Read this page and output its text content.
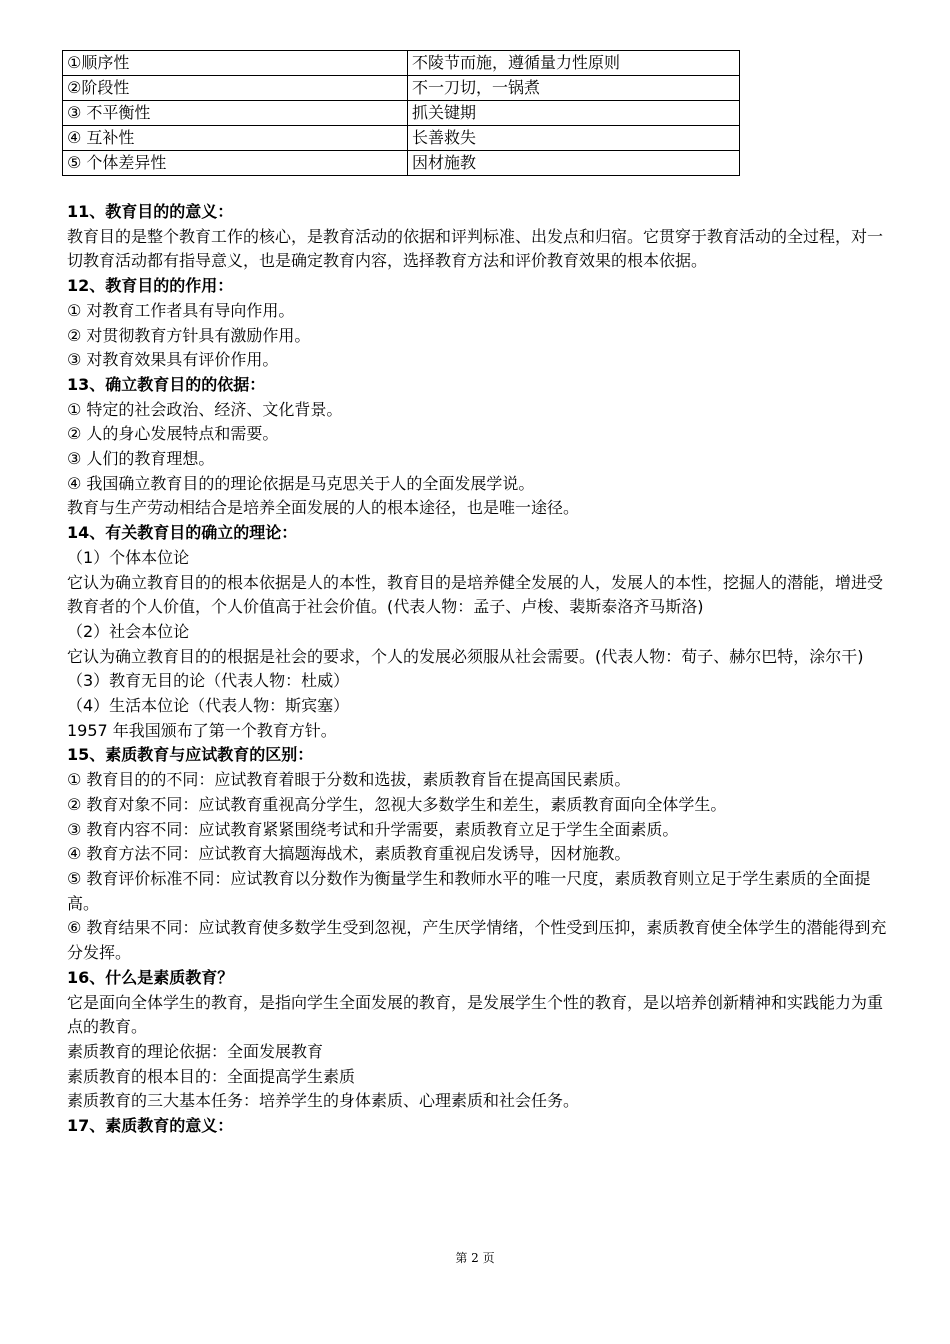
①顺序性	不陵节而施，遵循量力性原则
②阶段性	不一刀切，一锅煮
③ 不平衡性	抓关键期
④ 互补性	长善救失
⑤ 个体差异性	因材施教

11、教育目的的意义：

教育目的是整个教育工作的核心，是教育活动的依据和评判标准、出发点和归宿。它贯穿于教育活动的全过程，对一切教育活动都有指导意义，也是确定教育内容，选择教育方法和评价教育效果的根本依据。

12、教育目的的作用：

① 对教育工作者具有导向作用。

② 对贯彻教育方针具有激励作用。

③ 对教育效果具有评价作用。

13、确立教育目的的依据：

① 特定的社会政治、经济、文化背景。

② 人的身心发展特点和需要。

③ 人们的教育理想。

④ 我国确立教育目的的理论依据是马克思关于人的全面发展学说。

教育与生产劳动相结合是培养全面发展的人的根本途径，也是唯一途径。

14、有关教育目的确立的理论：

（1）个体本位论

它认为确立教育目的的根本依据是人的本性，教育目的是培养健全发展的人，发展人的本性，挖掘人的潜能，增进受教育者的个人价值，个人价值高于社会价值。(代表人物：孟子、卢梭、裴斯泰洛齐马斯洛)

（2）社会本位论

它认为确立教育目的的根据是社会的要求，个人的发展必须服从社会需要。(代表人物：荀子、赫尔巴特，涂尔干)

（3）教育无目的论（代表人物：杜威）

（4）生活本位论（代表人物：斯宾塞）

1957 年我国颁布了第一个教育方针。

15、素质教育与应试教育的区别：

① 教育目的的不同：应试教育着眼于分数和选拔，素质教育旨在提高国民素质。

② 教育对象不同：应试教育重视高分学生，忽视大多数学生和差生，素质教育面向全体学生。

③ 教育内容不同：应试教育紧紧围绕考试和升学需要，素质教育立足于学生全面素质。

④ 教育方法不同：应试教育大搞题海战术，素质教育重视启发诱导，因材施教。

⑤ 教育评价标准不同：应试教育以分数作为衡量学生和教师水平的唯一尺度，素质教育则立足于学生素质的全面提高。

⑥ 教育结果不同：应试教育使多数学生受到忽视，产生厌学情绪，个性受到压抑，素质教育使全体学生的潜能得到充分发挥。

16、什么是素质教育？

它是面向全体学生的教育，是指向学生全面发展的教育，是发展学生个性的教育，是以培养创新精神和实践能力为重点的教育。

素质教育的理论依据：全面发展教育

素质教育的根本目的：全面提高学生素质

素质教育的三大基本任务：培养学生的身体素质、心理素质和社会任务。

17、素质教育的意义：

第 2 页
